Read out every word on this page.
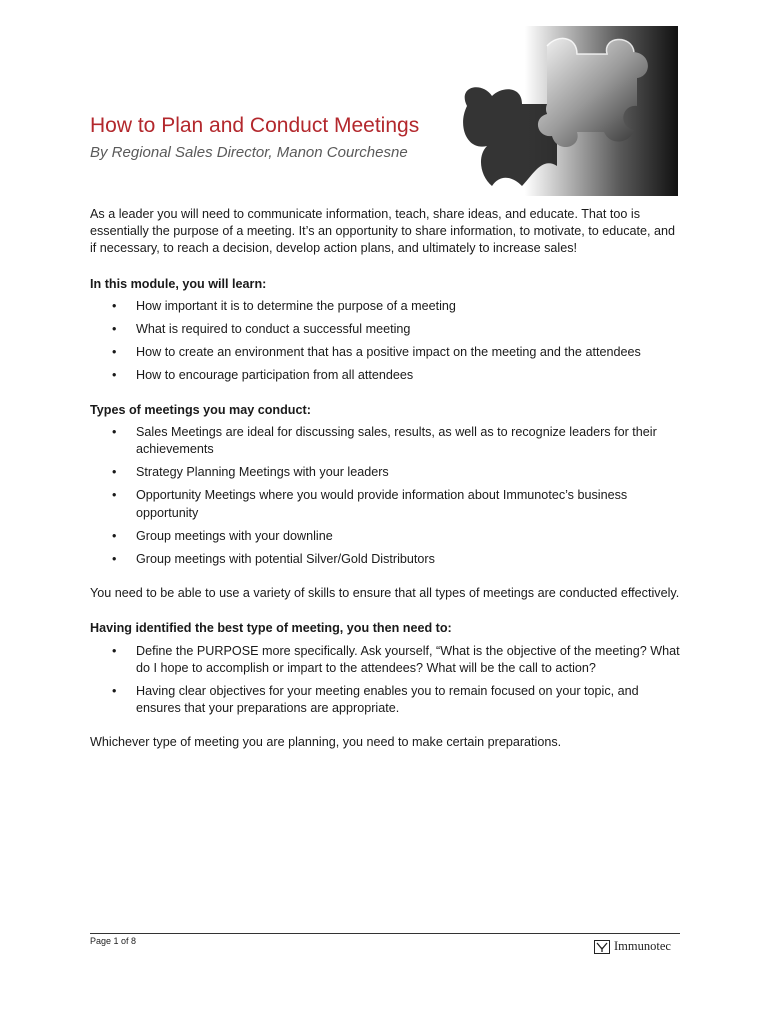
How to Plan and Conduct Meetings
By Regional Sales Director, Manon Courchesne

As a leader you will need to communicate information, teach, share ideas, and educate. That too is essentially the purpose of a meeting. It’s an opportunity to share information, to motivate, to educate, and if necessary, to reach a decision, develop action plans, and ultimately to increase sales!

In this module, you will learn:
• How important it is to determine the purpose of a meeting
• What is required to conduct a successful meeting
• How to create an environment that has a positive impact on the meeting and the attendees
• How to encourage participation from all attendees
Types of meetings you may conduct:
• Sales Meetings are ideal for discussing sales, results, as well as to recognize leaders for their achievements
• Strategy Planning Meetings with your leaders
• Opportunity Meetings where you would provide information about Immunotec’s business opportunity
• Group meetings with your downline
• Group meetings with potential Silver/Gold Distributors

You need to be able to use a variety of skills to ensure that all types of meetings are conducted effectively.

Having identified the best type of meeting, you then need to:
• Define the PURPOSE more specifically. Ask yourself, “What is the objective of the meeting? What do I hope to accomplish or impart to the attendees? What will be the call to action?
• Having clear objectives for your meeting enables you to remain focused on your topic, and ensures that your preparations are appropriate.

Whichever type of meeting you are planning, you need to make certain preparations.

Page 1 of 8	Immunotec
